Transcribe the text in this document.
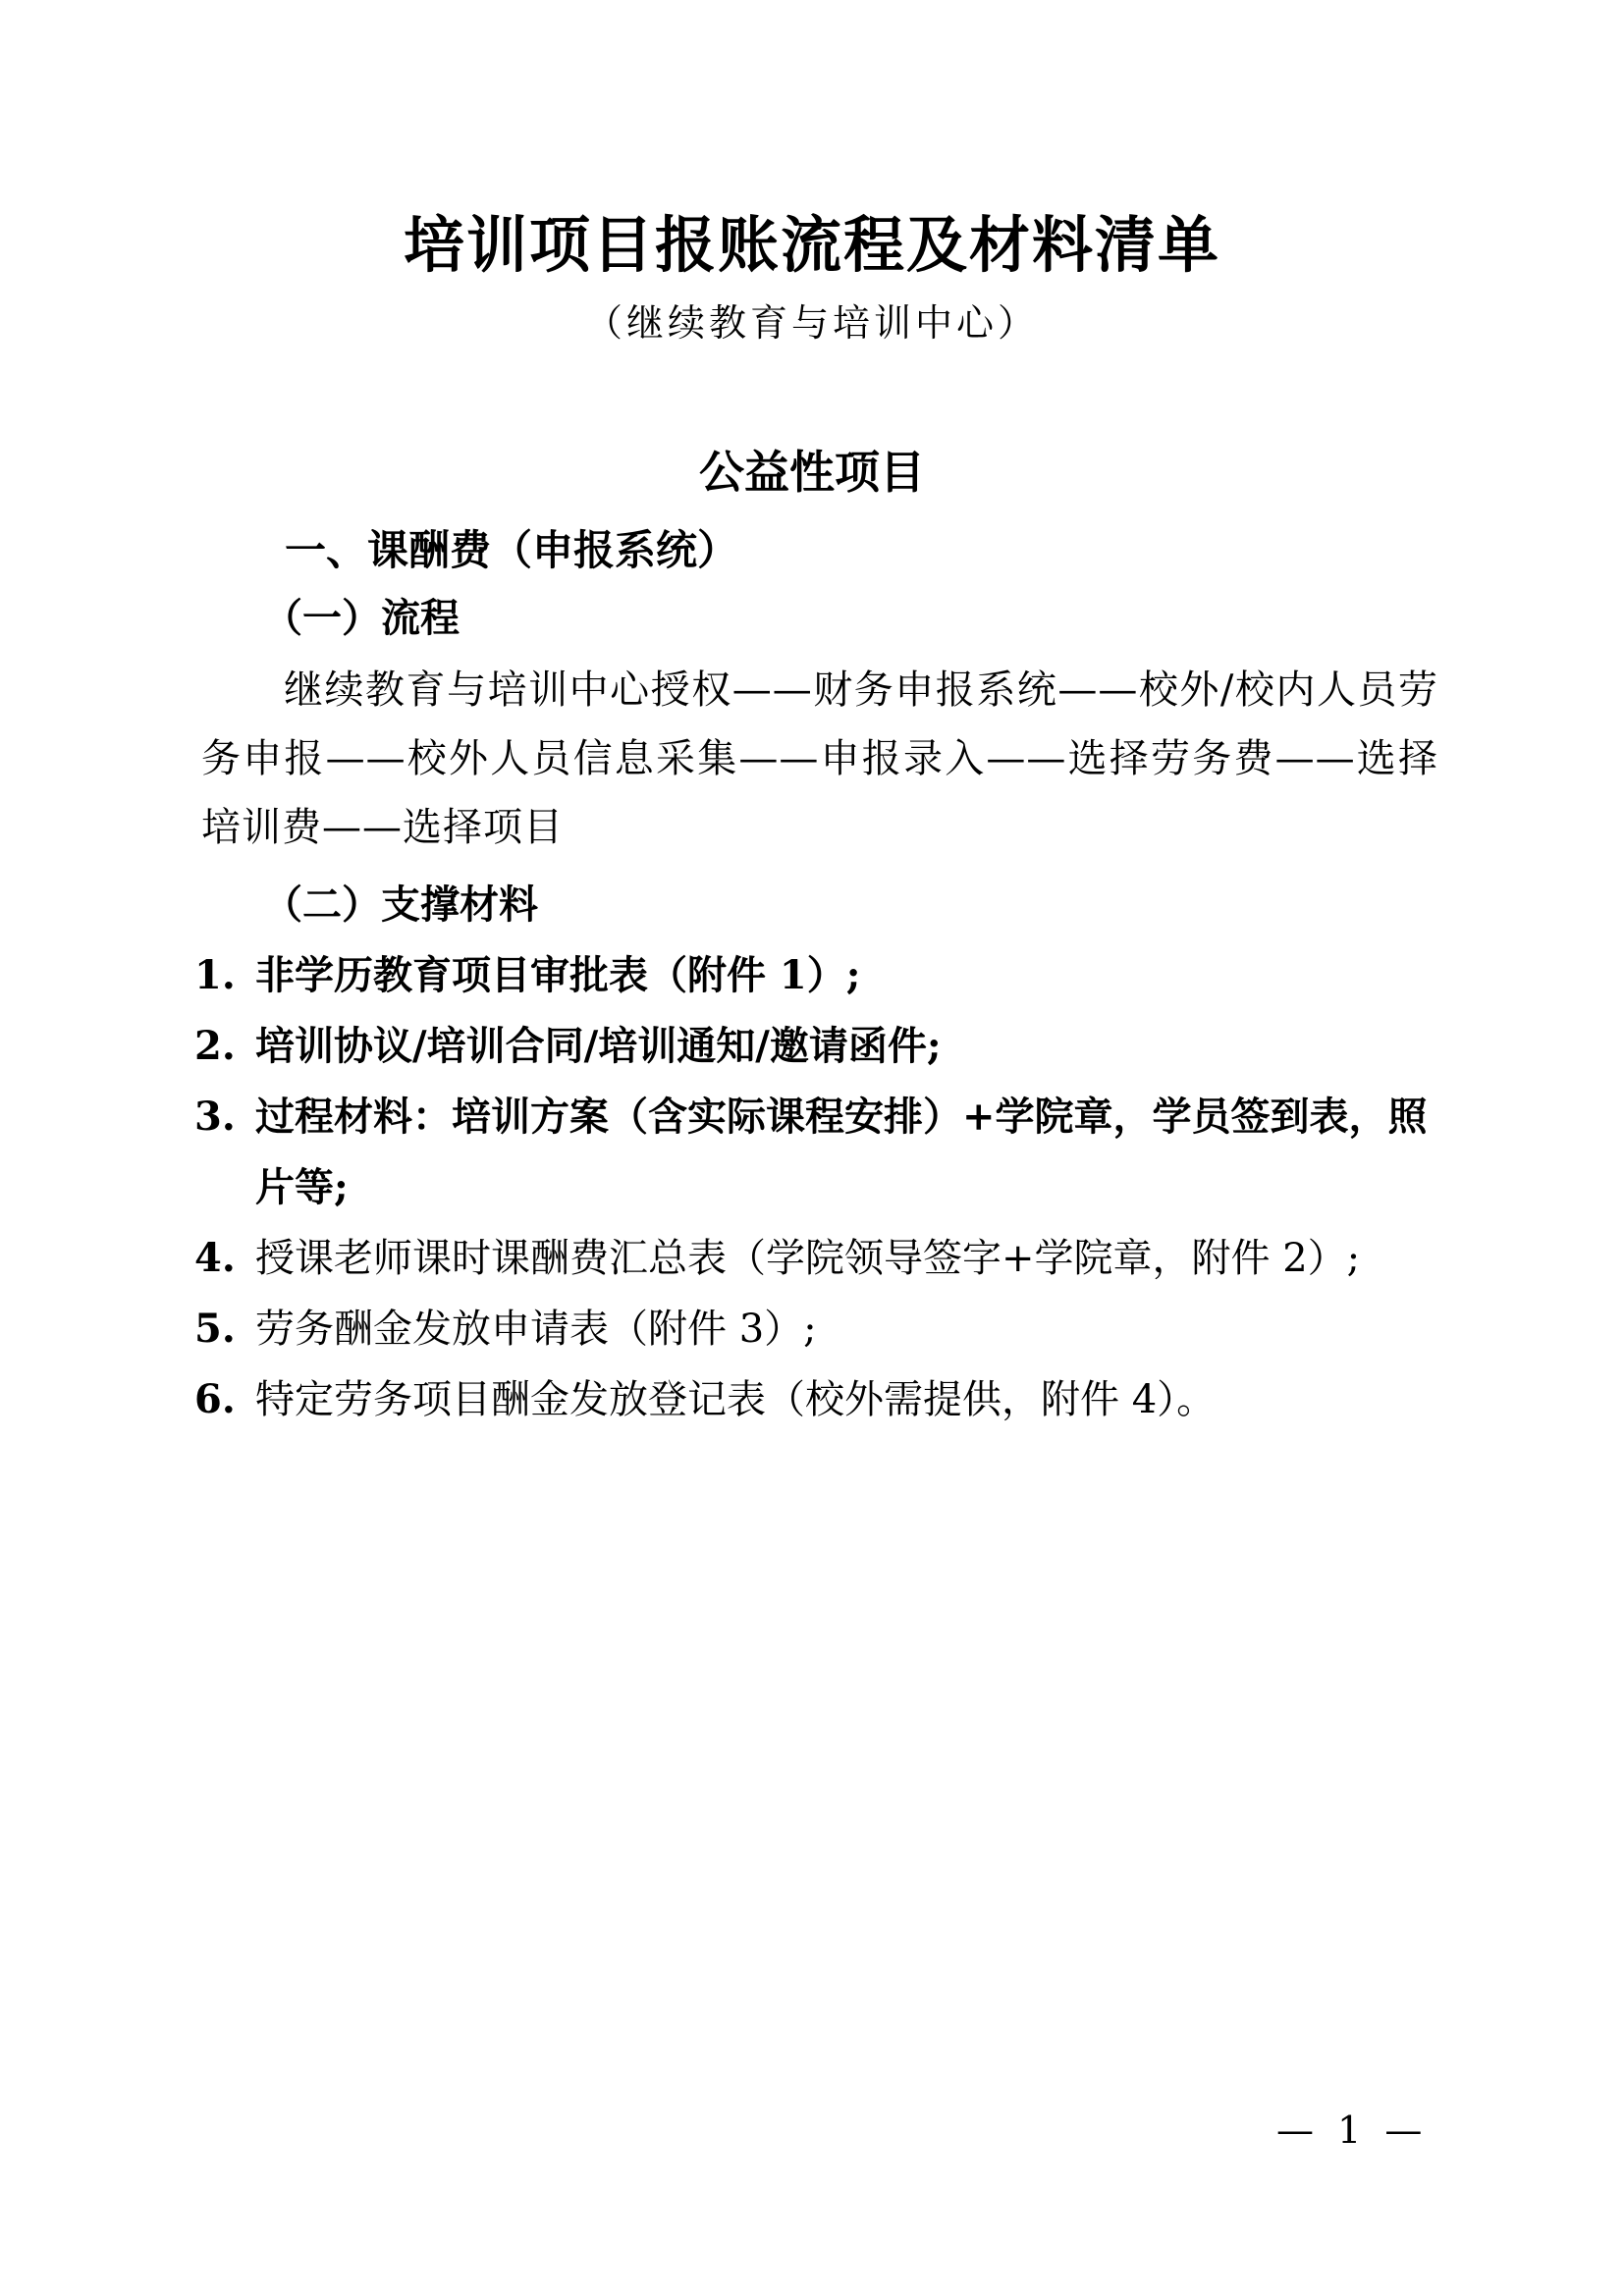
培训项目报账流程及材料清单
（继续教育与培训中心）
公益性项目
一、课酬费（申报系统）
（一）流程
继续教育与培训中心授权——财务申报系统——校外/校内人员劳务申报——校外人员信息采集——申报录入——选择劳务费——选择培训费——选择项目
（二）支撑材料
1. 非学历教育项目审批表（附件 1）;
2. 培训协议/培训合同/培训通知/邀请函件;
3. 过程材料：培训方案（含实际课程安排）+学院章，学员签到表，照片等;
4. 授课老师课时课酬费汇总表（学院领导签字+学院章，附件 2）;
5. 劳务酬金发放申请表（附件 3）;
6. 特定劳务项目酬金发放登记表（校外需提供，附件 4）。
— 1 —
